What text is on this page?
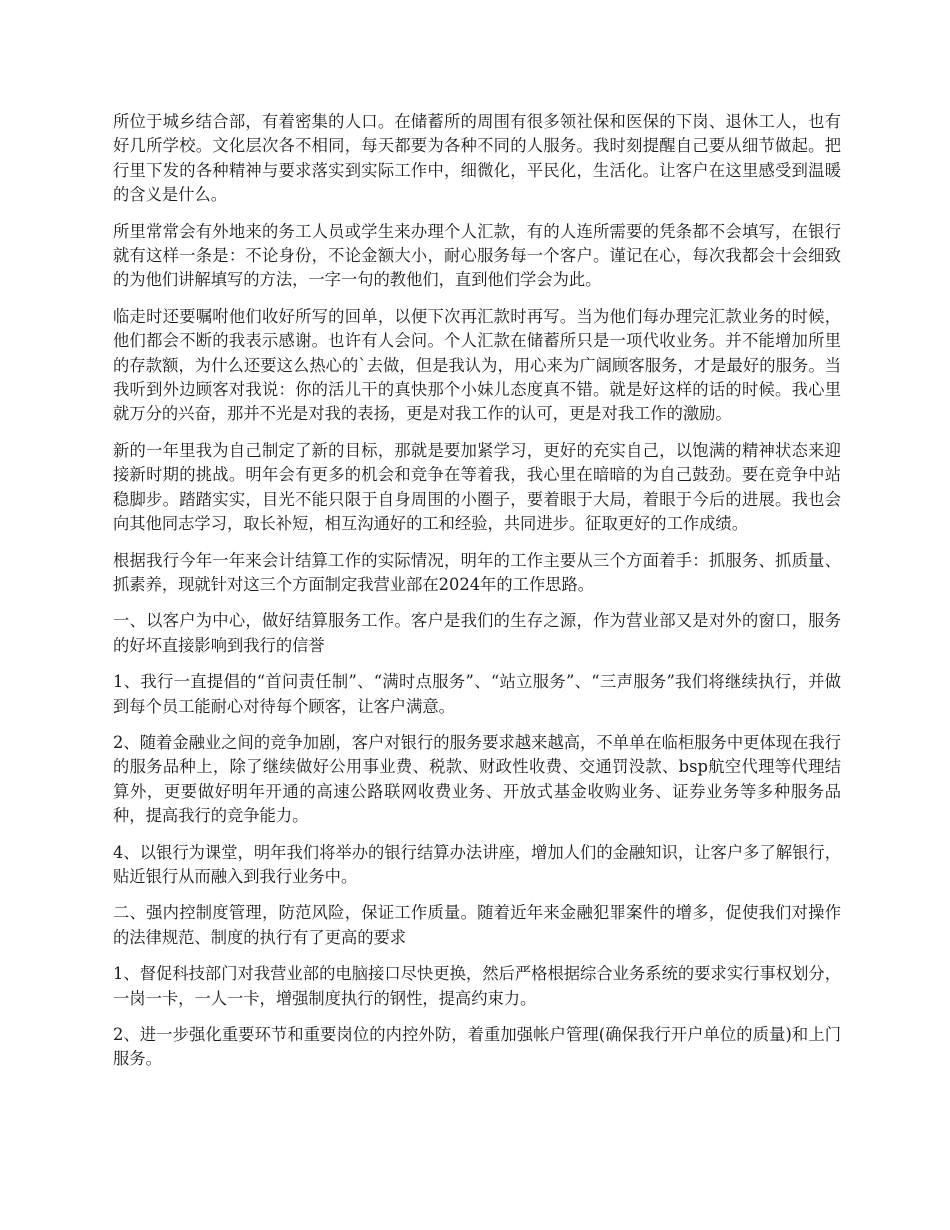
所位于城乡结合部，有着密集的人口。在储蓄所的周围有很多领社保和医保的下岗、退休工人，也有好几所学校。文化层次各不相同，每天都要为各种不同的人服务。我时刻提醒自己要从细节做起。把行里下发的各种精神与要求落实到实际工作中，细微化，平民化，生活化。让客户在这里感受到温暖的含义是什么。

所里常常会有外地来的务工人员或学生来办理个人汇款，有的人连所需要的凭条都不会填写，在银行就有这样一条是：不论身份，不论金额大小，耐心服务每一个客户。谨记在心，每次我都会十会细致的为他们讲解填写的方法，一字一句的教他们，直到他们学会为此。

临走时还要嘱咐他们收好所写的回单，以便下次再汇款时再写。当为他们每办理完汇款业务的时候，他们都会不断的我表示感谢。也许有人会问。个人汇款在储蓄所只是一项代收业务。并不能增加所里的存款额，为什么还要这么热心的`去做，但是我认为，用心来为广阔顾客服务，才是最好的服务。当我听到外边顾客对我说：你的活儿干的真快那个小妹儿态度真不错。就是好这样的话的时候。我心里就万分的兴奋，那并不光是对我的表扬，更是对我工作的认可，更是对我工作的激励。

新的一年里我为自己制定了新的目标，那就是要加紧学习，更好的充实自己，以饱满的精神状态来迎接新时期的挑战。明年会有更多的机会和竞争在等着我，我心里在暗暗的为自己鼓劲。要在竞争中站稳脚步。踏踏实实，目光不能只限于自身周围的小圈子，要着眼于大局，着眼于今后的进展。我也会向其他同志学习，取长补短，相互沟通好的工和经验，共同进步。征取更好的工作成绩。

根据我行今年一年来会计结算工作的实际情况，明年的工作主要从三个方面着手：抓服务、抓质量、抓素养，现就针对这三个方面制定我营业部在2024年的工作思路。

一、以客户为中心，做好结算服务工作。客户是我们的生存之源，作为营业部又是对外的窗口，服务的好坏直接影响到我行的信誉

1、我行一直提倡的“首问责任制”、“满时点服务”、“站立服务”、“三声服务”我们将继续执行，并做到每个员工能耐心对待每个顾客，让客户满意。

2、随着金融业之间的竞争加剧，客户对银行的服务要求越来越高，不单单在临柜服务中更体现在我行的服务品种上，除了继续做好公用事业费、税款、财政性收费、交通罚没款、bsp航空代理等代理结算外，更要做好明年开通的高速公路联网收费业务、开放式基金收购业务、证券业务等多种服务品种，提高我行的竞争能力。

4、以银行为课堂，明年我们将举办的银行结算办法讲座，增加人们的金融知识，让客户多了解银行，贴近银行从而融入到我行业务中。

二、强内控制度管理，防范风险，保证工作质量。随着近年来金融犯罪案件的增多，促使我们对操作的法律规范、制度的执行有了更高的要求

1、督促科技部门对我营业部的电脑接口尽快更换，然后严格根据综合业务系统的要求实行事权划分，一岗一卡，一人一卡，增强制度执行的钢性，提高约束力。

2、进一步强化重要环节和重要岗位的内控外防，着重加强帐户管理(确保我行开户单位的质量)和上门服务。
